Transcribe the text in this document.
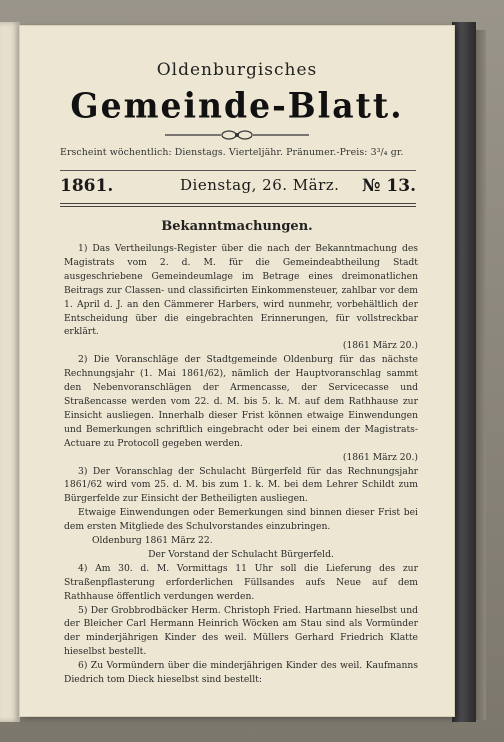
Oldenburgisches
Gemeinde-Blatt.
Erscheint wöchentlich: Dienstags. Vierteljähr. Pränumer.-Preis: 3³/₄ gr.
1861.	Dienstag, 26. März. № 13.
Bekanntmachungen.
1) Das Vertheilungs-Register über die nach der Bekanntmachung des Magistrats vom 2. d. M. für die Gemeindeabtheilung Stadt ausgeschriebene Gemeindeumlage im Betrage eines dreimonatlichen Beitrags zur Classen- und classificirten Einkommensteuer, zahlbar vor dem 1. April d. J. an den Cämmerer Harbers, wird nunmehr, vorbehältlich der Entscheidung über die eingebrachten Erinnerungen, für vollstreckbar erklärt.
(1861 März 20.)
2) Die Voranschläge der Stadtgemeinde Oldenburg für das nächste Rechnungsjahr (1. Mai 1861/62), nämlich der Hauptvoranschlag sammt den Nebenvoranschlägen der Armencasse, der Servicecasse und Straßencasse werden vom 22. d. M. bis 5. k. M. auf dem Rathhause zur Einsicht ausliegen. Innerhalb dieser Frist können etwaige Einwendungen und Bemerkungen schriftlich eingebracht oder bei einem der Magistrats-Actuare zu Protocoll gegeben werden.
(1861 März 20.)
3) Der Voranschlag der Schulacht Bürgerfeld für das Rechnungsjahr 1861/62 wird vom 25. d. M. bis zum 1. k. M. bei dem Lehrer Schildt zum Bürgerfelde zur Einsicht der Betheiligten ausliegen.
Etwaige Einwendungen oder Bemerkungen sind binnen dieser Frist bei dem ersten Mitgliede des Schulvorstandes einzubringen.
Oldenburg 1861 März 22.
Der Vorstand der Schulacht Bürgerfeld.
4) Am 30. d. M. Vormittags 11 Uhr soll die Lieferung des zur Straßenpflasterung erforderlichen Füllsandes aufs Neue auf dem Rathhause öffentlich verdungen werden.
5) Der Grobbrodbäcker Herm. Christoph Fried. Hartmann hieselbst und der Bleicher Carl Hermann Heinrich Wöcken am Stau sind als Vormünder der minderjährigen Kinder des weil. Müllers Gerhard Friedrich Klatte hieselbst bestellt.
6) Zu Vormündern über die minderjährigen Kinder des weil. Kaufmanns Diedrich tom Dieck hieselbst sind bestellt:
